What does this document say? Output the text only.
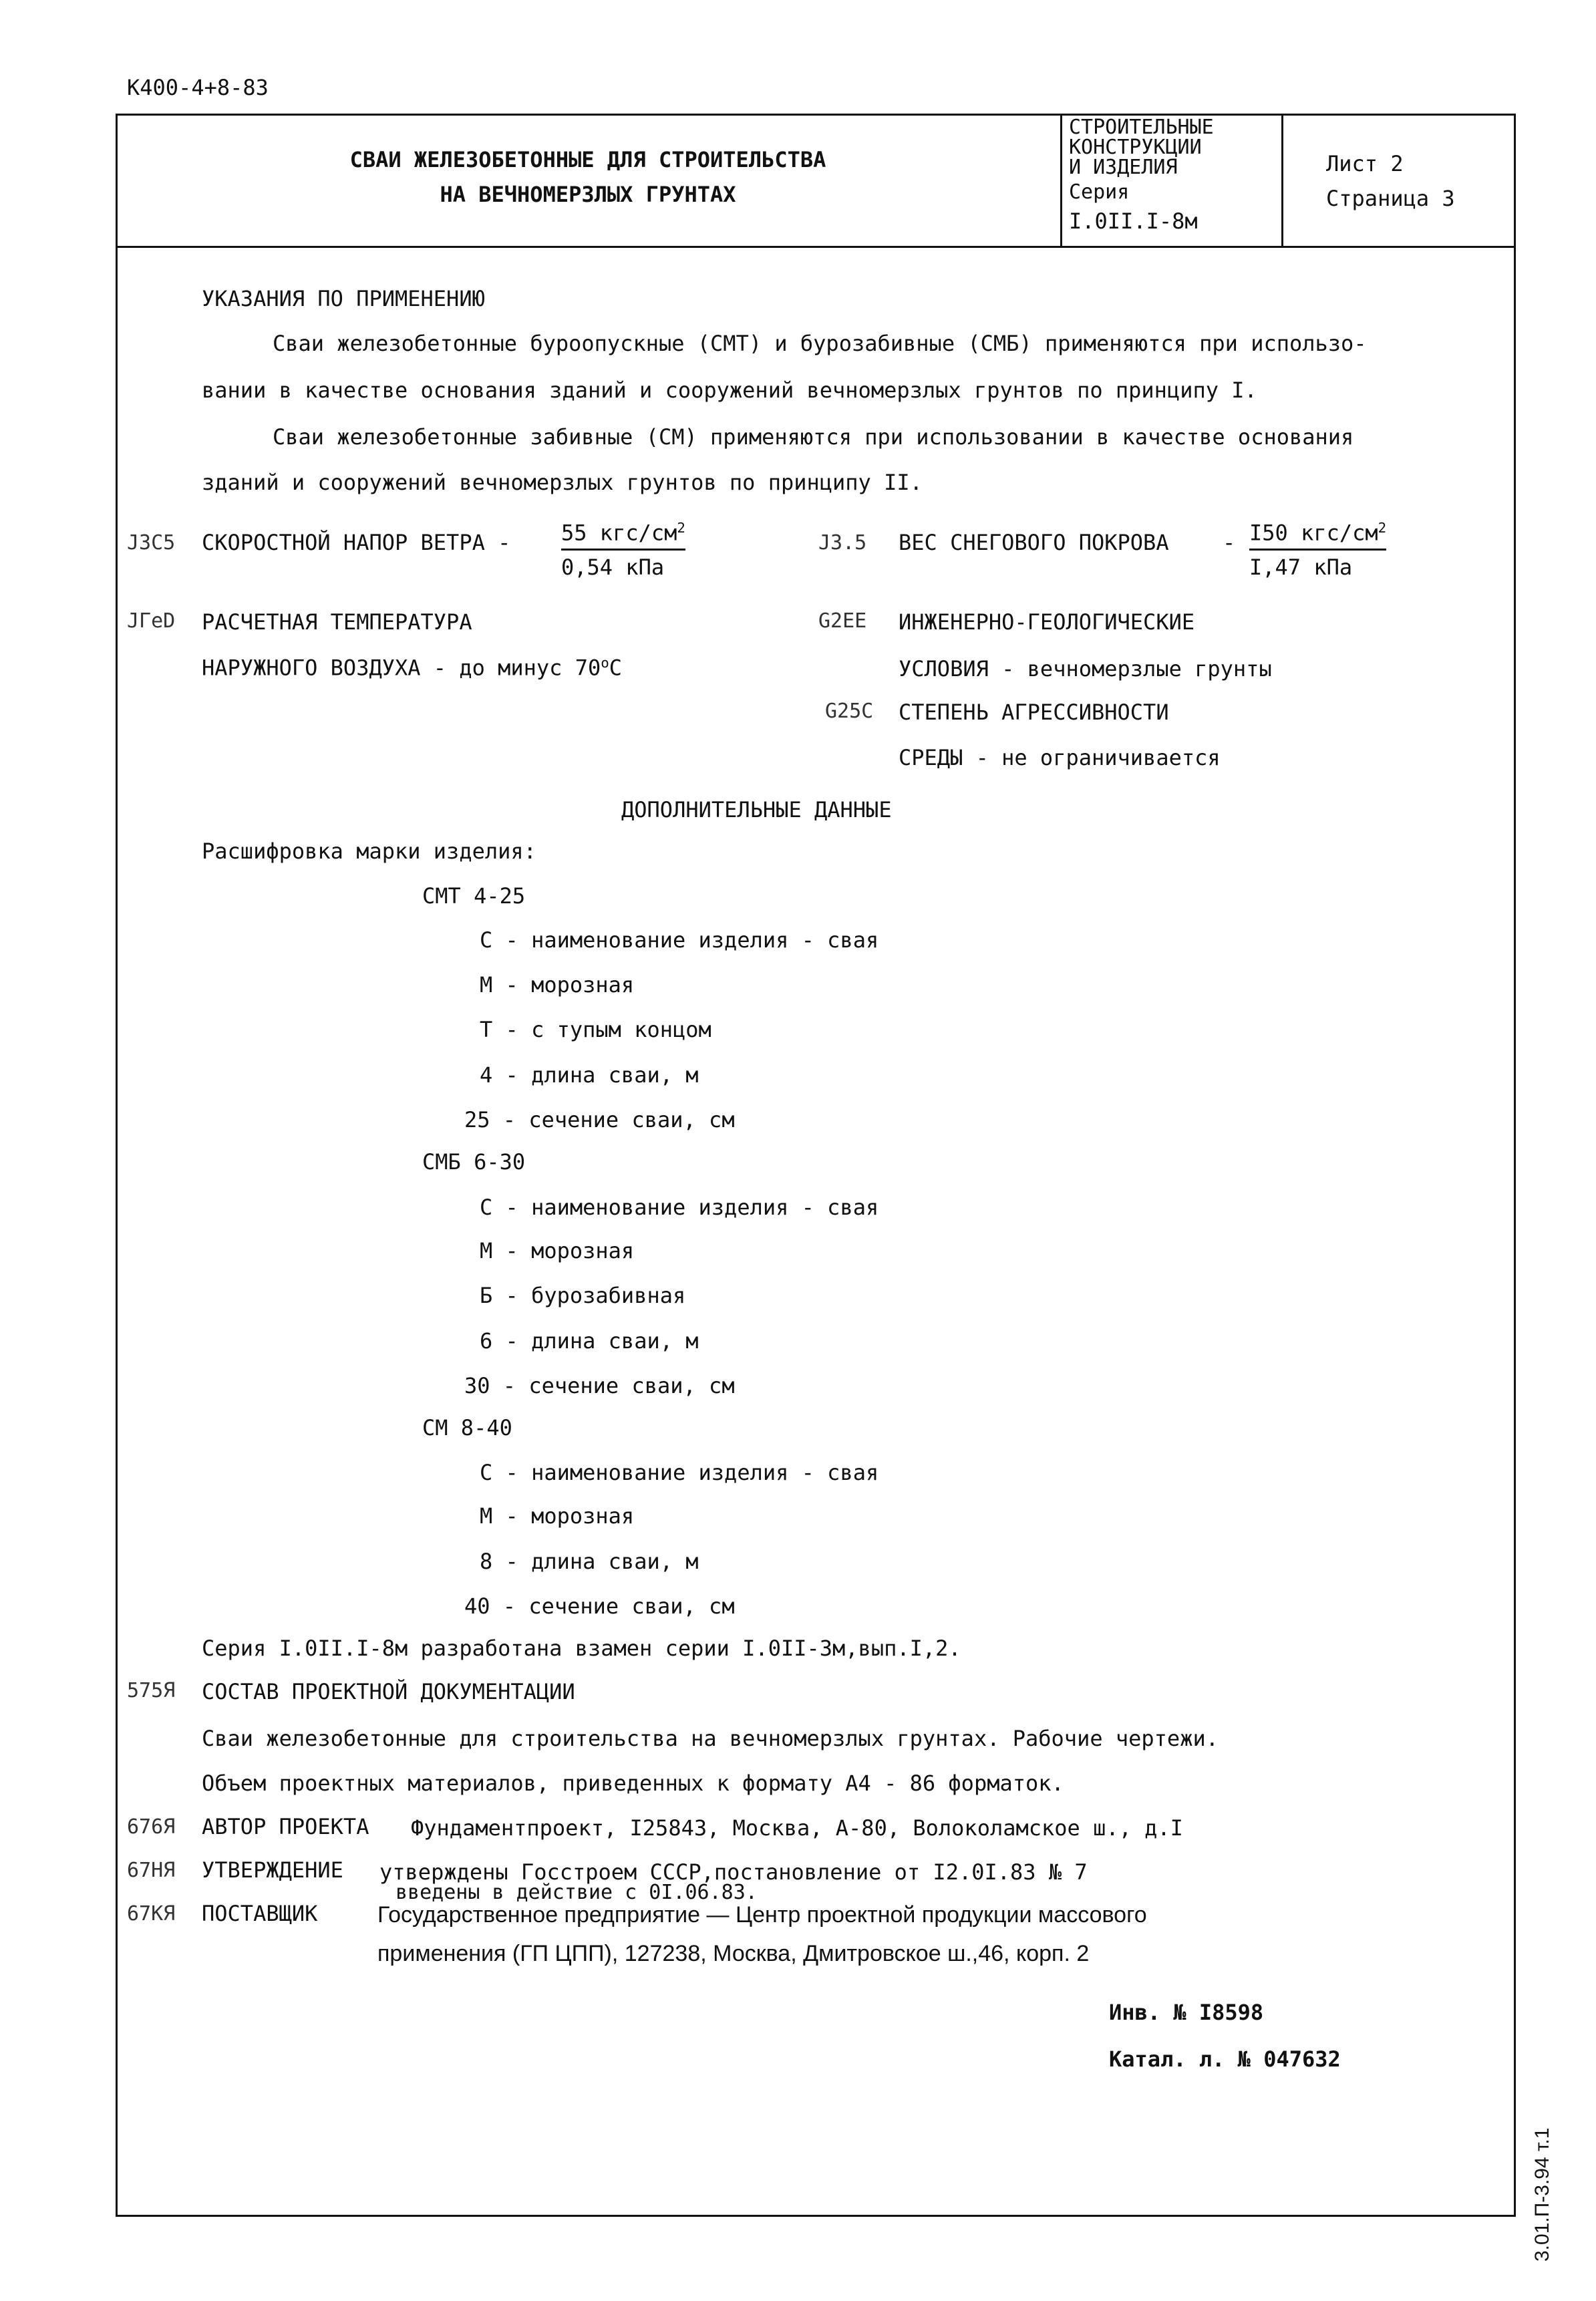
К400-4+8-83
СВАИ ЖЕЛЕЗОБЕТОННЫЕ ДЛЯ СТРОИТЕЛЬСТВА
НА ВЕЧНОМЕРЗЛЫХ ГРУНТАХ
СТРОИТЕЛЬНЫЕ
КОНСТРУКЦИИ
И ИЗДЕЛИЯ
Серия
I.0II.I-8м
Лист 2
Страница 3
УКАЗАНИЯ ПО ПРИМЕНЕНИЮ
Сваи железобетонные буроопускные (СМТ) и бурозабивные (СМБ) применяются при использо-
вании в качестве основания зданий и сооружений вечномерзлых грунтов по принципу I.
Сваи железобетонные забивные (СМ) применяются при использовании в качестве основания
зданий и сооружений вечномерзлых грунтов по принципу II.
J3С5 СКОРОСТНОЙ НАПОР ВЕТРА - 55 кгс/$см^2$
0,54 кПа
J3.5 ВЕС СНЕГОВОГО ПОКРОВА	- I50 кгс/$см^2$
I,47 кПа
JГеD РАСЧЕТНАЯ ТЕМПЕРАТУРА
НАРУЖНОГО ВОЗДУХА - до минус 70$^o$С
G2EE ИНЖЕНЕРНО-ГЕОЛОГИЧЕСКИЕ
УСЛОВИЯ - вечномерзлые грунты
G25C СТЕПЕНЬ АГРЕССИВНОСТИ
СРЕДЫ - не ограничивается
ДОПОЛНИТЕЛЬНЫЕ ДАННЫЕ
Расшифровка марки изделия:
СМТ 4-25
С - наименование изделия - свая
М - морозная
Т - с тупым концом
4 - длина сваи, м
25 - сечение сваи, см
СМБ 6-30
С - наименование изделия - свая
М - морозная
Б - бурозабивная
6 - длина сваи, м
30 - сечение сваи, см
СМ 8-40
С - наименование изделия - свая
М - морозная
8 - длина сваи, м
40 - сечение сваи, см
Серия I.0II.I-8м разработана взамен серии I.0II-3м,вып.I,2.
575Я СОСТАВ ПРОЕКТНОЙ ДОКУМЕНТАЦИИ
Сваи железобетонные для строительства на вечномерзлых грунтах. Рабочие чертежи.
Объем проектных материалов, приведенных к формату А4 - 86 форматок.
676Я АВТОР ПРОЕКТА Фундаментпроект, I25843, Москва, А-80, Волоколамское ш., д.I
67НЯ УТВЕРЖДЕНИЕ утверждены Госстроем СССР,постановление от I2.0I.83 № 7
введены в действие с 0I.06.83.
67КЯ ПОСТАВЩИК	Государственное предприятие — Центр проектной продукции массового
применения (ГП ЦПП), 127238, Москва, Дмитровское ш.,46, корп. 2
Инв. № I8598
Катал. л. № 047632
3.01.П-3.94 т.1
